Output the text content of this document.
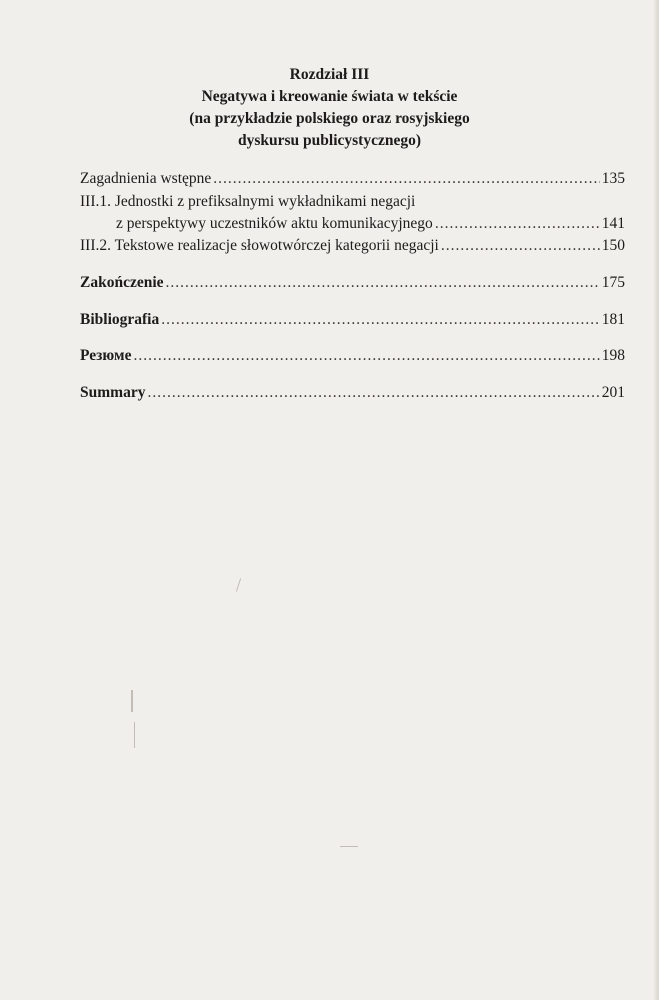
Rozdział III
Negatywa i kreowanie świata w tekście
(na przykładzie polskiego oraz rosyjskiego
dyskursu publicystycznego)
Zagadnienia wstępne .....	135
III.1. Jednostki z prefiksalnymi wykładnikami negacji
z perspektywy uczestników aktu komunikacyjnego .....	141
III.2. Tekstowe realizacje słowotwórczej kategorii negacji .....	150
Zakończenie .....	175
Bibliografia .....	181
Резюме .....	198
Summary .....	201
